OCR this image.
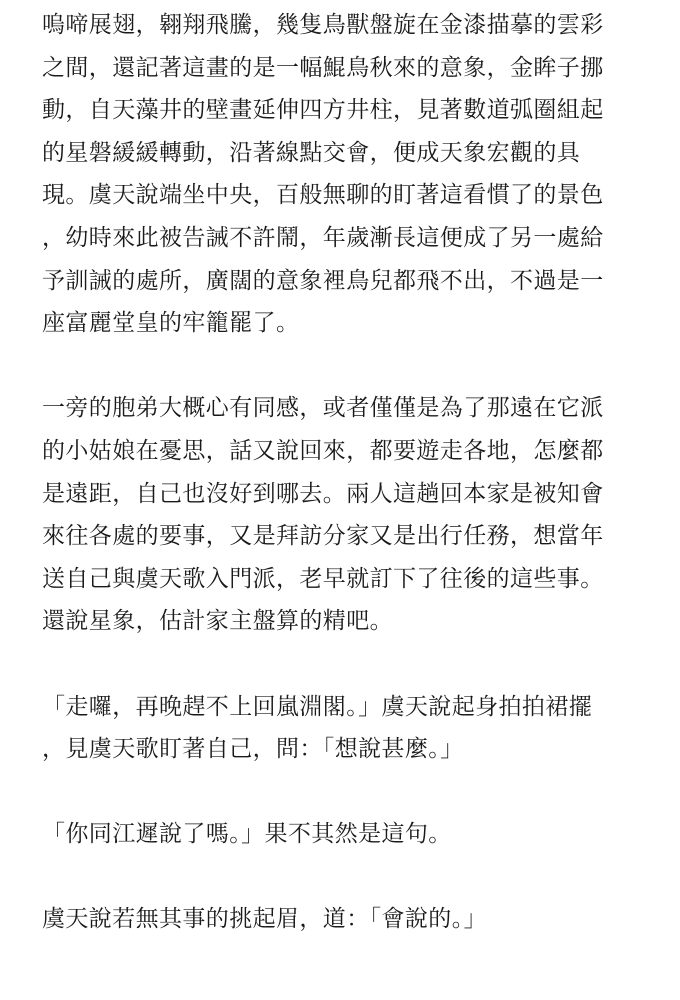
嗚啼展翅，翱翔飛騰，幾隻鳥獸盤旋在金漆描摹的雲彩
之間，還記著這畫的是一幅鯤鳥秋來的意象，金眸子挪
動，自天藻井的壁畫延伸四方井柱，見著數道弧圈組起
的星磐緩緩轉動，沿著線點交會，便成天象宏觀的具
現。虞天說端坐中央，百般無聊的盯著這看慣了的景色
，幼時來此被告誡不許鬧，年歲漸長這便成了另一處給
予訓誡的處所，廣闊的意象裡鳥兒都飛不出，不過是一
座富麗堂皇的牢籠罷了。
一旁的胞弟大概心有同感，或者僅僅是為了那遠在它派
的小姑娘在憂思，話又說回來，都要遊走各地，怎麼都
是遠距，自己也沒好到哪去。兩人這趟回本家是被知會
來往各處的要事，又是拜訪分家又是出行任務，想當年
送自己與虞天歌入門派，老早就訂下了往後的這些事。
還說星象，估計家主盤算的精吧。
「走囉，再晚趕不上回嵐淵閣。」虞天說起身拍拍裙擺
，見虞天歌盯著自己，問：「想說甚麼。」
「你同江遲說了嗎。」果不其然是這句。
虞天說若無其事的挑起眉，道：「會說的。」
